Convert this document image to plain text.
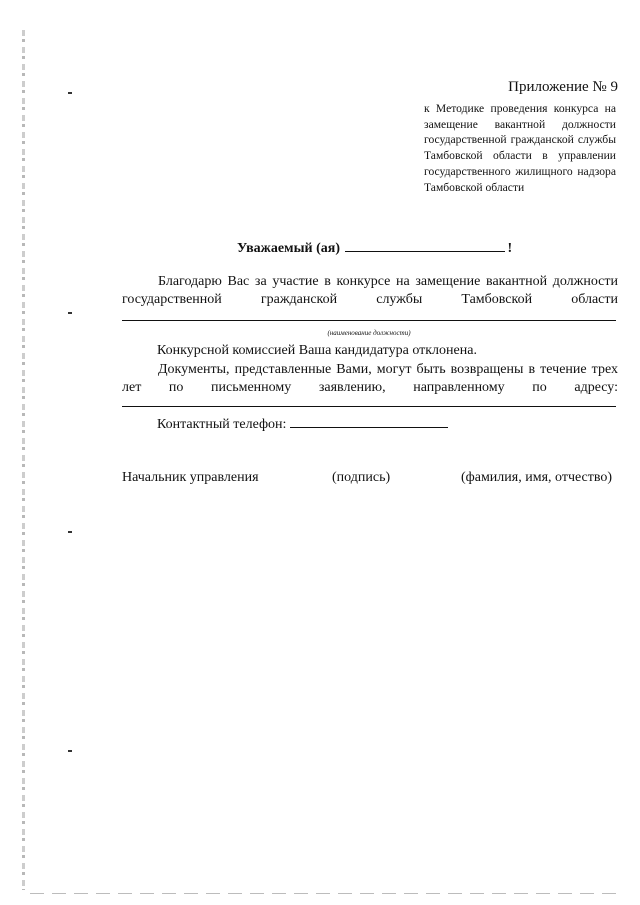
Приложение № 9
к Методике проведения конкурса на замещение вакантной должности государственной гражданской службы Тамбовской области в управлении государственного жилищного надзора Тамбовской области
Уважаемый (ая)	!
Благодарю Вас за участие в конкурсе на замещение вакантной должности государственной гражданской службы Тамбовской области
(наименование должности)
Конкурсной комиссией Ваша кандидатура отклонена.
Документы, представленные Вами, могут быть возвращены в течение трех лет по письменному заявлению, направленному по адресу:
Контактный телефон:
Начальник управления	(подпись)	(фамилия, имя, отчество)
